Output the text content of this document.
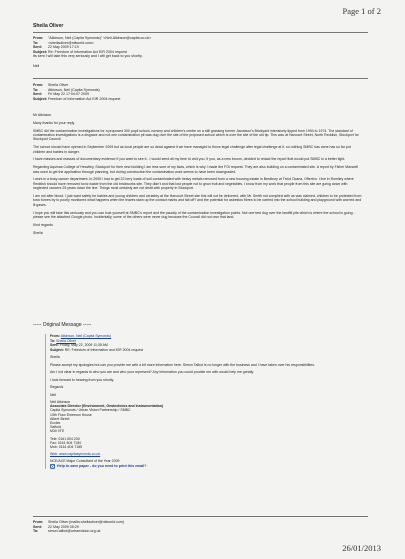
Page 1 of 2
Sheila Oliver
From: "Atkinson, Neil (Capita Symonds)" <Neil.Atkinson@capita.co.uk>
To:	<sheilaoliver@ntlworld.com>
Sent: 22 May 2009 17:19
Subject:Re: Freedom of Information Act EIR 2004 request
Its sent I will take this very seriously and I will get back to you shortly.
Neil
From: Sheila Oliver
To:	Atkinson, Neil (Capita Symonds)
Sent: Fri May 22 17:04:07 2009
Subject:Freedom of Information Act EIR 2004 request

Mr Atkinson

Many thanks for your reply.

SMBC did the contamination investigations for a proposed 300 pupil school, nursery and children's centre on a still grassing former Jacobson's Brickyard intensively tipped from 1954 to 1974. The standard of contamination investigations is a disgrace and not one contamination pit was dug over the site of the proposed school which is over the site of the old tip. This was at Harcourt Street, North Reddish, Stockport for Stockport Council.

The school should have opened in September 2009 but as local people are so dead against it we have managed to throw legal challenge after legal challenge at it, so nothing SMBC has done has so far put children and babies in danger.

I have masses and masses of documentary evidence if you want to see it - I would send all my time to visit you. If you, as a new broom, decided to redact the report that would put SMBC in a better light.

Regarding Aquinas College of Heaviley, Stockport for their new building I am less sure of my facts, which is why I made the FOI request. They are also building on a contaminated site. A report by Fisher Maxwell was used to get the application through planning, but during construction the contamination work seems to have been downgraded.

I work in a busy cancer department. In 2005 I had to get 22 lorry loads of soil contaminated with heavy metals removed from a new housing estate in Bredbury at Tiviot Ocana, Offerton. I live in Romiley where Reddish should have removed toxic waste from the old brickworks site. They didn't and that lost people not to grow fruit and vegetables. I know from my work that people from this site are going down with neglected cancers 25 years down the line. Things most certainly are not dealt with properly in Stockport.

I am not after blood. I just want safety for babies and young children and certainty at the Harcourt Street site this will not be delivered, with Mr. Smith not complied with as was claimed, children to be protected from toxic fumes by to poorly monitored what happens when the leaves stain up the contact marks and fall off? and the potential for asbestos fibres to be carried into the school building and playground with worried and ill gases.

I hope you will take this seriously and you can look yourself at SMBC's report and the paucity of the contamination investigation points. Not one test dug over the landfill pits which is where the school is going - please see the attached Google photo. Incidentally, some of the others were never dug because the Council did not own that land.

Kind regards

Sheila

----- Original Message -----
From: Atkinson, Neil (Capita Symonds)
To: Sheila Oliver
Sent: Friday, May 22, 2009 11:35 AM
Subject: RE: Freedom of Information and EIR 2004 request
Sheila
Please accept my apologies but can you provide me with a bit more information here. Simon Talbot is no longer with the business and I have taken over his responsibilities.
Am I not clear in regards to who you are and who your represent? Any information you could provide me with would help me greatly.
I look forward to hearing from you shortly.
Regards
Neil
Neil Atkinson
Associate Director (Environment, Geotechnics and Instrumentation)
Capita Symonds / Urban Vision Partnership / SMBC
10th Floor Emerson House
Albert Street
Eccles
Salford
M30 0TE
Tele: 0161 604 200
Fax: 0161 604 7150
Mob: 0161 604 7185
Web: www.capitasymonds.co.uk
NCE/ACE Major Consultant of the Year 2009
✿ Help to save paper - do you need to print this email?
From: Sheila Oliver [mailto:sheilaoliver@ntlworld.com]
Sent: 22 May 2009 05:29
To:	simon.talbot@urbanvision.org.uk
26/01/2013
